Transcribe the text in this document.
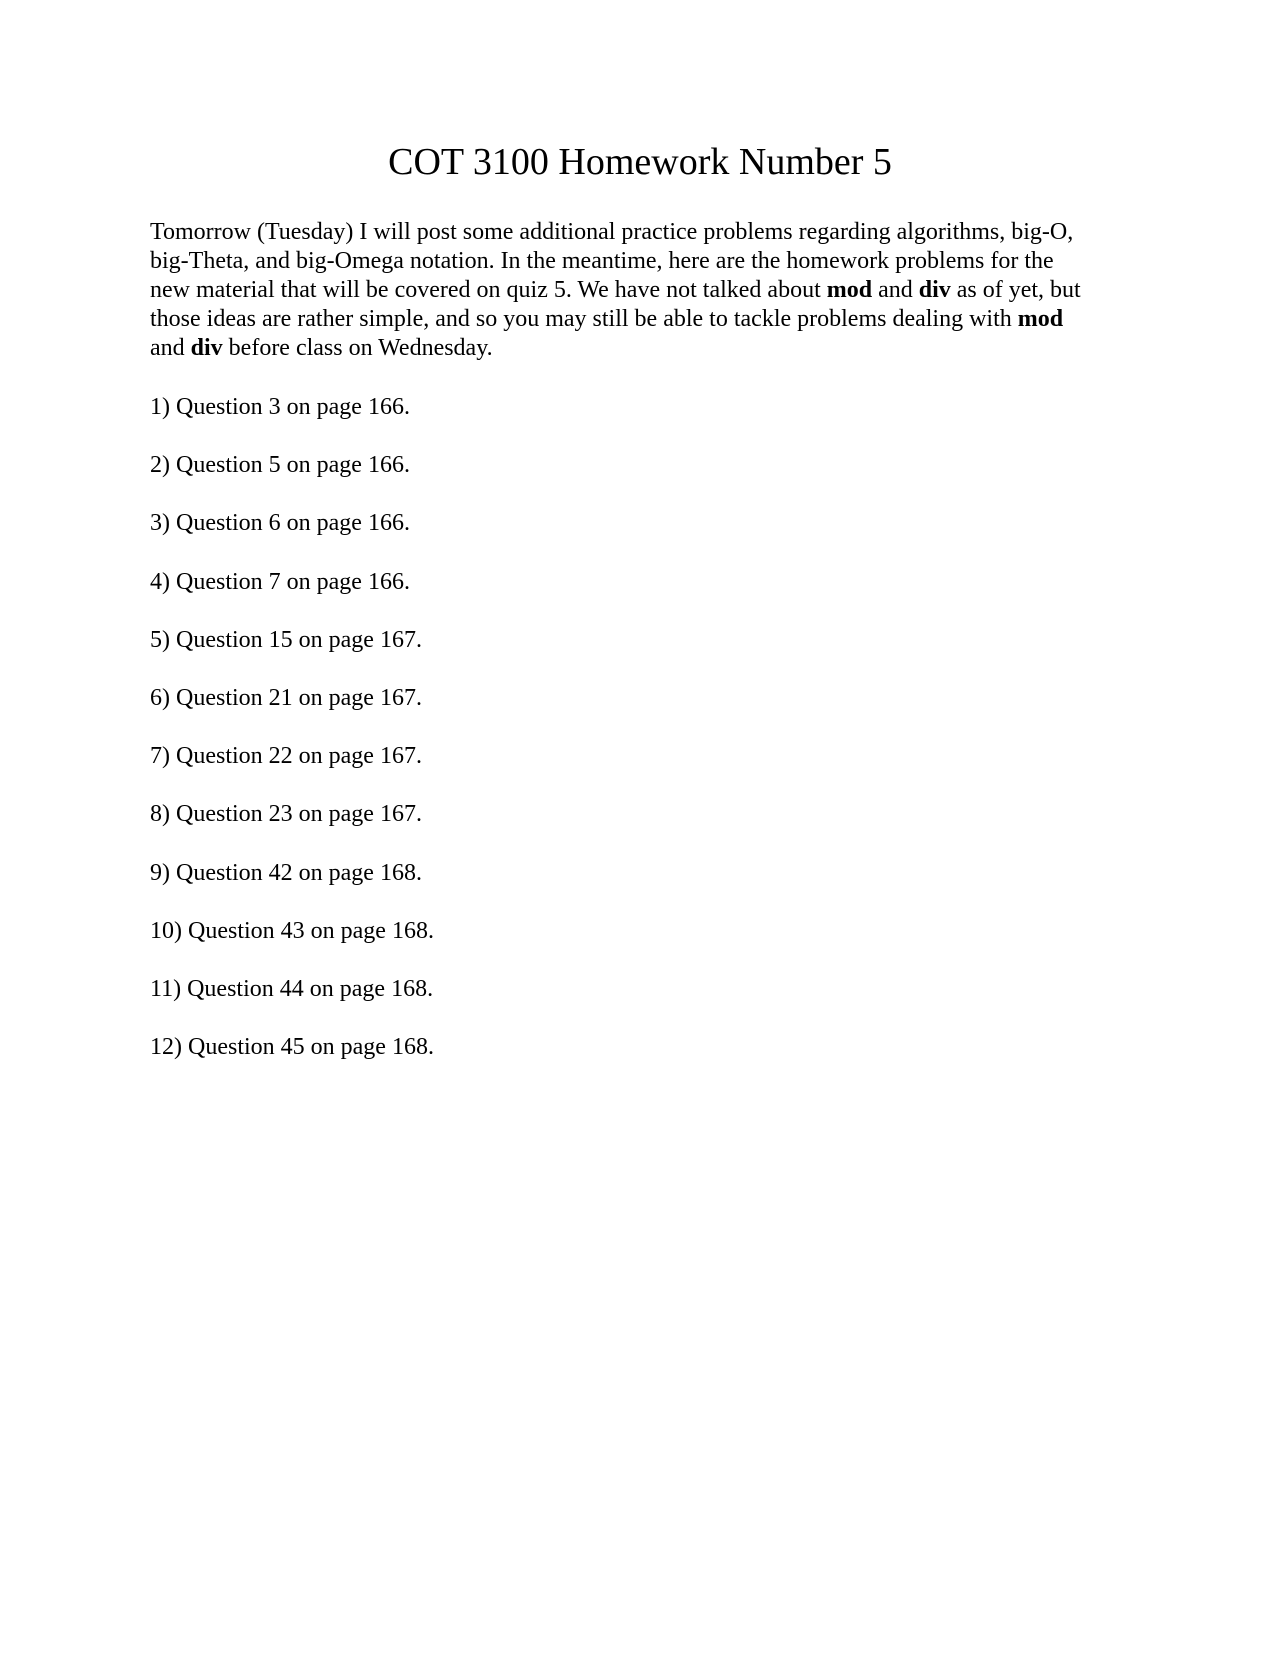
COT 3100 Homework Number 5

Tomorrow (Tuesday) I will post some additional practice problems regarding algorithms, big-O,
big-Theta, and big-Omega notation. In the meantime, here are the homework problems for the
new material that will be covered on quiz 5. We have not talked about mod and div as of yet, but
those ideas are rather simple, and so you may still be able to tackle problems dealing with mod
and div before class on Wednesday.

1) Question 3 on page 166.
2) Question 5 on page 166.
3) Question 6 on page 166.
4) Question 7 on page 166.
5) Question 15 on page 167.
6) Question 21 on page 167.
7) Question 22 on page 167.
8) Question 23 on page 167.
9) Question 42 on page 168.
10) Question 43 on page 168.
11) Question 44 on page 168.
12) Question 45 on page 168.
